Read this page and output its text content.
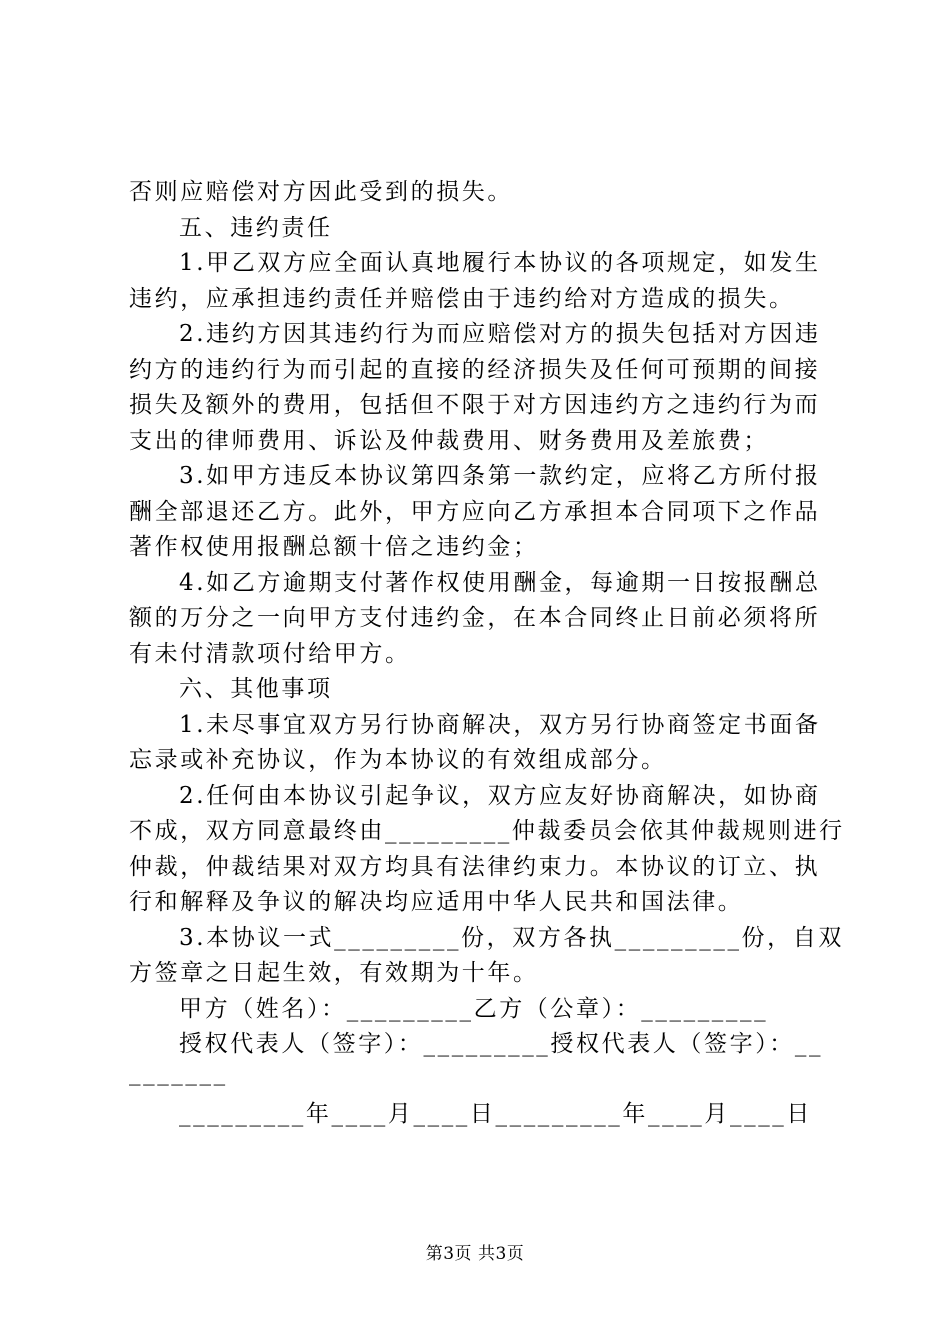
否则应赔偿对方因此受到的损失。
五、违约责任
1.甲乙双方应全面认真地履行本协议的各项规定，如发生
违约，应承担违约责任并赔偿由于违约给对方造成的损失。
2.违约方因其违约行为而应赔偿对方的损失包括对方因违
约方的违约行为而引起的直接的经济损失及任何可预期的间接
损失及额外的费用，包括但不限于对方因违约方之违约行为而
支出的律师费用、诉讼及仲裁费用、财务费用及差旅费；
3.如甲方违反本协议第四条第一款约定，应将乙方所付报
酬全部退还乙方。此外，甲方应向乙方承担本合同项下之作品
著作权使用报酬总额十倍之违约金；
4.如乙方逾期支付著作权使用酬金，每逾期一日按报酬总
额的万分之一向甲方支付违约金，在本合同终止日前必须将所
有未付清款项付给甲方。
六、其他事项
1.未尽事宜双方另行协商解决，双方另行协商签定书面备
忘录或补充协议，作为本协议的有效组成部分。
2.任何由本协议引起争议，双方应友好协商解决，如协商
不成，双方同意最终由_________仲裁委员会依其仲裁规则进行
仲裁，仲裁结果对双方均具有法律约束力。本协议的订立、执
行和解释及争议的解决均应适用中华人民共和国法律。
3.本协议一式_________份，双方各执_________份，自双
方签章之日起生效，有效期为十年。
甲方（姓名）：_________乙方（公章）：_________
授权代表人（签字）：_________授权代表人（签字）：__
_______
_________年____月____日_________年____月____日
第3页 共3页
